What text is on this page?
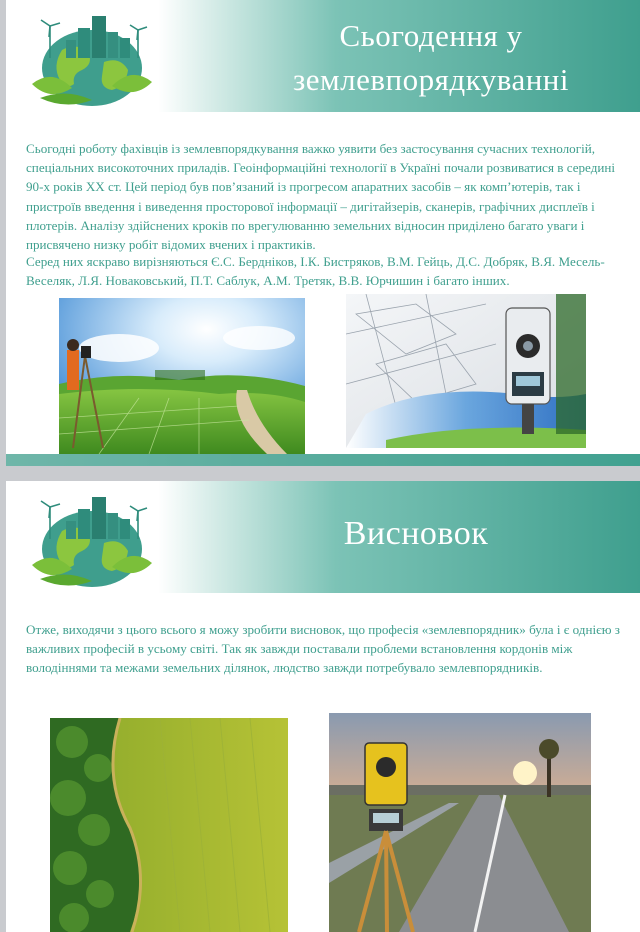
Сьогодення у землевпорядкуванні

Сьогодні роботу фахівців із землевпорядкування важко уявити без застосування сучасних технологій, спеціальних високоточних приладів. Геоінформаційні технології в Україні почали розвиватися в середині 90-х років ХХ ст. Цей період був пов’язаний із прогресом апаратних засобів – як комп’ютерів, так і пристроїв введення і виведення просторової інформації – дигітайзерів, сканерів, графічних дисплеїв і плотерів. Аналізу здійснених кроків по врегулюванню земельних відносин приділено багато уваги і присвячено низку робіт відомих вчених і практиків.

Серед них яскраво вирізняються Є.С. Бердніков, І.К. Бистряков, В.М. Гейць, Д.С. Добряк, В.Я. Месель-Веселяк, Л.Я. Новаковський, П.Т. Саблук, А.М. Третяк, В.В. Юрчишин і багато інших.

Висновок

Отже, виходячи з цього всього я можу зробити висновок, що професія «землевпорядник» була і є однією з важливих професій в усьому світі. Так як завжди поставали проблеми встановлення кордонів між володіннями та межами земельних ділянок, людство завжди потребувало землевпорядників.
